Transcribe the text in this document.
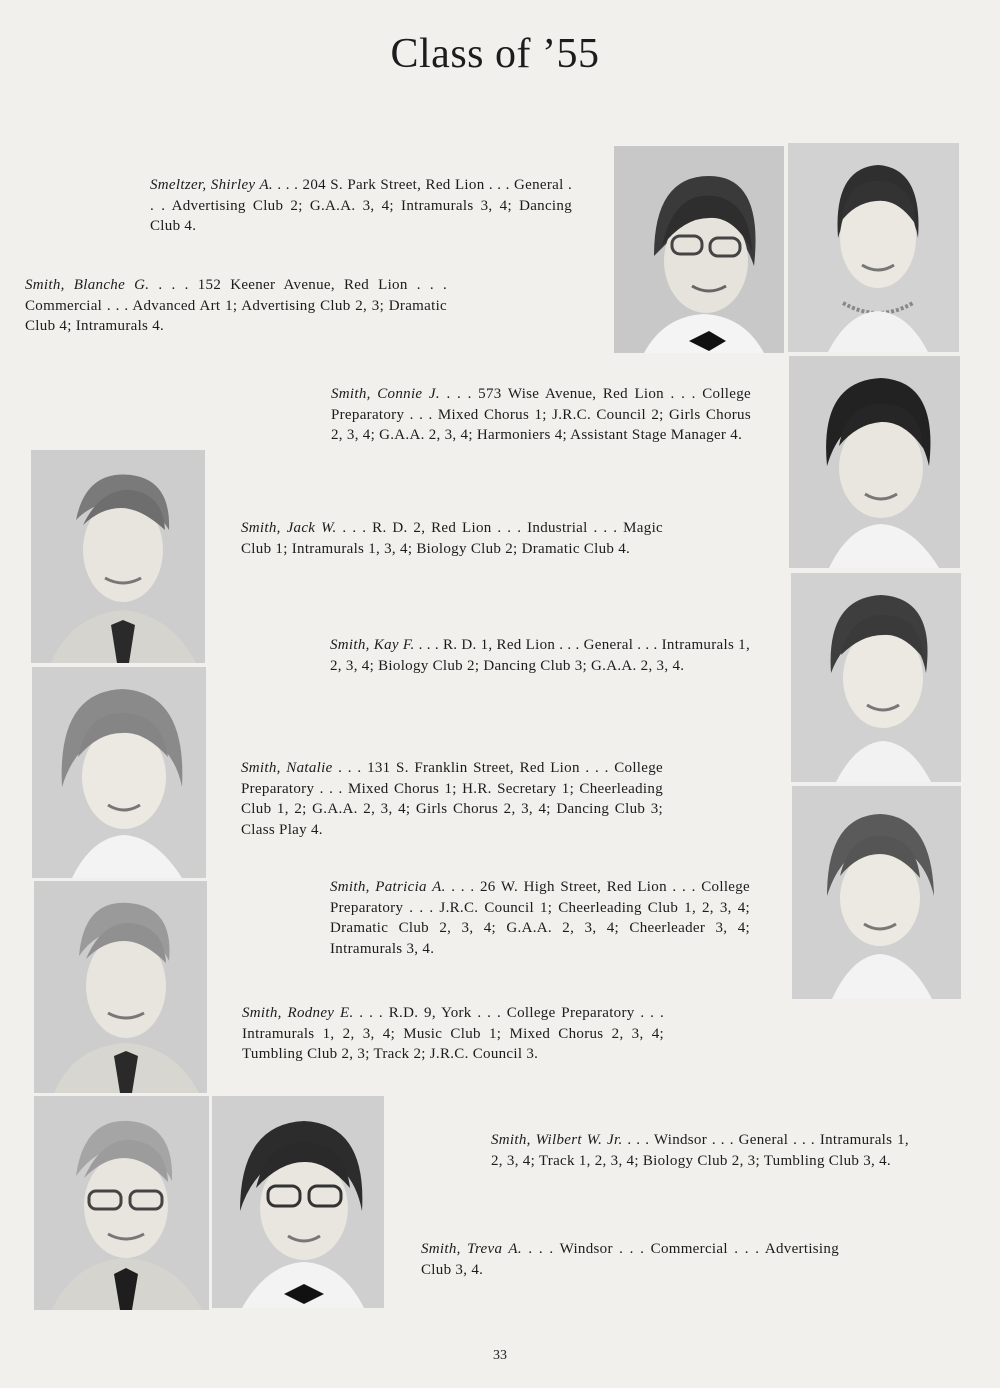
Class of ’55
Smeltzer, Shirley A. . . . 204 S. Park Street, Red Lion . . . General . . . Advertising Club 2; G.A.A. 3, 4; Intramurals 3, 4; Dancing Club 4.
Smith, Blanche G. . . . 152 Keener Avenue, Red Lion . . . Commercial . . . Advanced Art 1; Advertising Club 2, 3; Dramatic Club 4; Intramurals 4.
Smith, Connie J. . . . 573 Wise Avenue, Red Lion . . . College Preparatory . . . Mixed Chorus 1; J.R.C. Council 2; Girls Chorus 2, 3, 4; G.A.A. 2, 3, 4; Harmoniers 4; Assistant Stage Manager 4.
Smith, Jack W. . . . R. D. 2, Red Lion . . . Industrial . . . Magic Club 1; Intramurals 1, 3, 4; Biology Club 2; Dramatic Club 4.
Smith, Kay F. . . . R. D. 1, Red Lion . . . General . . . Intramurals 1, 2, 3, 4; Biology Club 2; Dancing Club 3; G.A.A. 2, 3, 4.
Smith, Natalie . . . 131 S. Franklin Street, Red Lion . . . College Preparatory . . . Mixed Chorus 1; H.R. Secretary 1; Cheerleading Club 1, 2; G.A.A. 2, 3, 4; Girls Chorus 2, 3, 4; Dancing Club 3; Class Play 4.
Smith, Patricia A. . . . 26 W. High Street, Red Lion . . . College Preparatory . . . J.R.C. Council 1; Cheerleading Club 1, 2, 3, 4; Dramatic Club 2, 3, 4; G.A.A. 2, 3, 4; Cheerleader 3, 4; Intramurals 3, 4.
Smith, Rodney E. . . . R.D. 9, York . . . College Preparatory . . . Intramurals 1, 2, 3, 4; Music Club 1; Mixed Chorus 2, 3, 4; Tumbling Club 2, 3; Track 2; J.R.C. Council 3.
Smith, Wilbert W. Jr. . . . Windsor . . . General . . . Intramurals 1, 2, 3, 4; Track 1, 2, 3, 4; Biology Club 2, 3; Tumbling Club 3, 4.
Smith, Treva A. . . . Windsor . . . Commercial . . . Advertising Club 3, 4.
33
